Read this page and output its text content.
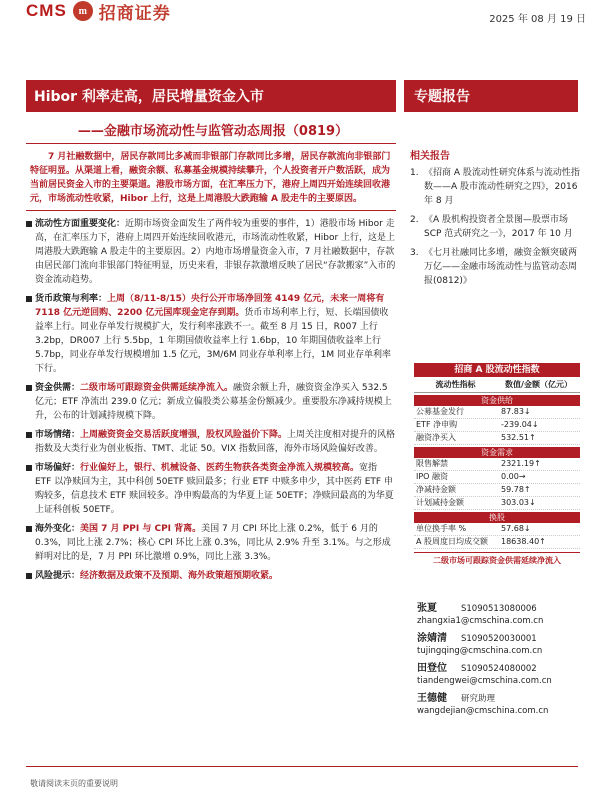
CMS	m 招商证券	2025 年 08 月 19 日
Hibor 利率走高，居民增量资金入市	专题报告
——金融市场流动性与监管动态周报（0819）
7 月社融数据中，居民存款同比多减而非银部门存款同比多增，居民存款流向非银部门特征明显。从渠道上看，融资余额、私募基金规模持续攀升，个人投资者开户数活跃，成为当前居民资金入市的主要渠道。港股市场方面，在汇率压力下，港府上周四开始连续回收港元，市场流动性收紧，Hibor 上行，这是上周港股大跌跑输 A 股走牛的主要原因。
流动性方面重要变化：近期市场资金面发生了两件较为重要的事件，1）港股市场 Hibor 走高，在汇率压力下，港府上周四开始连续回收港元，市场流动性收紧，Hibor 上行，这是上周港股大跌跑输 A 股走牛的主要原因。2）内地市场增量资金入市，7 月社融数据中，存款由居民部门流向非银部门特征明显，历史来看，非银存款激增反映了居民“存款搬家”入市的资金流动趋势。
货币政策与利率：上周（8/11-8/15）央行公开市场净回笼 4149 亿元，未来一周将有 7118 亿元逆回购、2200 亿元国库现金定存到期。货币市场利率上行，短、长端国债收益率上行。同业存单发行规模扩大，发行利率涨跌不一。截至 8 月 15 日，R007 上行 3.2bp，DR007 上行 5.5bp，1 年期国债收益率上行 1.6bp，10 年期国债收益率上行 5.7bp，同业存单发行规模增加 1.5 亿元，3M/6M 同业存单利率上行，1M 同业存单利率下行。
资金供需：二级市场可跟踪资金供需延续净流入。融资余额上升，融资资金净买入 532.5 亿元；ETF 净流出 239.0 亿元；新成立偏股类公募基金份额减少。重要股东净减持规模上升，公布的计划减持规模下降。
市场情绪：上周融资资金交易活跃度增强，股权风险溢价下降。上周关注度相对提升的风格指数及大类行业为创业板指、TMT、北证 50。VIX 指数回落，海外市场风险偏好改善。
市场偏好：行业偏好上，银行、机械设备、医药生物获各类资金净流入规模较高。宽指 ETF 以净赎回为主，其中科创 50ETF 赎回最多；行业 ETF 中赎多申少，其中医药 ETF 申购较多，信息技术 ETF 赎回较多。净申购最高的为华夏上证 50ETF；净赎回最高的为华夏上证科创板 50ETF。
海外变化：美国 7 月 PPI 与 CPI 背离。美国 7 月 CPI 环比上涨 0.2%，低于 6 月的 0.3%，同比上涨 2.7%；核心 CPI 环比上涨 0.3%，同比从 2.9% 升至 3.1%。与之形成鲜明对比的是，7 月 PPI 环比激增 0.9%，同比上涨 3.3%。
风险提示：经济数据及政策不及预期、海外政策超预期收紧。
相关报告
1. 《招商 A 股流动性研究体系与流动性指数——A 股市流动性研究之四》，2016 年 8 月
2. 《A 股机构投资者全景图—股票市场 SCP 范式研究之一》，2017 年 10 月
3. 《七月社融同比多增，融资金额突破两万亿——金融市场流动性与监管动态周报(0812)》
招商 A 股流动性指数
流动性指标	数值/金额（亿元）
资金供给
公募基金发行	87.83↓
ETF 净申购	-239.04↓
融资净买入	532.51↑
资金需求
限售解禁	2321.19↑
IPO 融资	0.00→
净减持金额	59.78↑
计划减持金额	303.03↓
换股
单位换手率 %	57.68↓
A 股周度日均成交额	18638.40↑
二级市场可跟踪资金供需延续净流入
张夏	S1090513080006
zhangxia1@cmschina.com.cn
涂婧清 S1090520030001
tujingqing@cmschina.com.cn
田登位 S1090524080002
tiandengwei@cmschina.com.cn
王德健 研究助理
wangdejian@cmschina.com.cn
敬请阅读末页的重要说明
